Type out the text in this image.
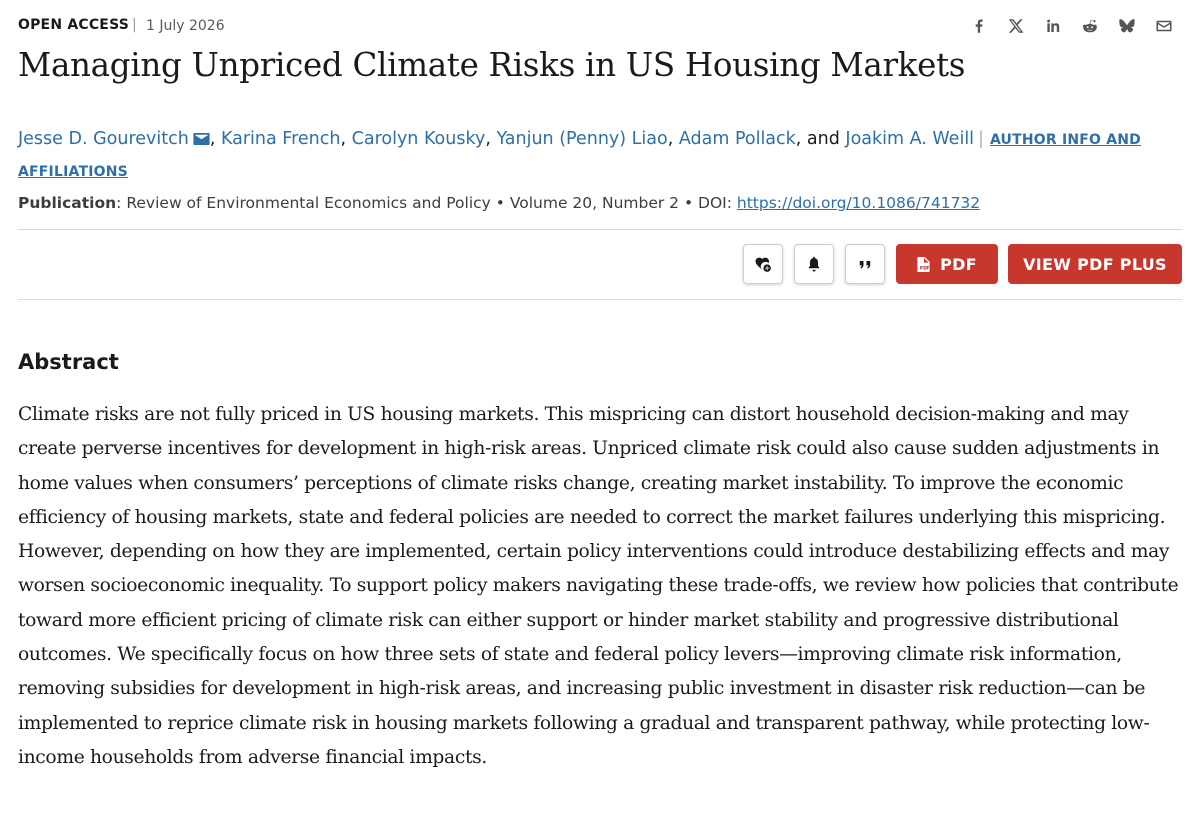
OPEN ACCESS | 1 July 2026
Managing Unpriced Climate Risks in US Housing Markets
Jesse D. Gourevitch , Karina French, Carolyn Kousky, Yanjun (Penny) Liao, Adam Pollack, and Joakim A. Weill | AUTHOR INFO AND AFFILIATIONS
Publication: Review of Environmental Economics and Policy • Volume 20, Number 2 • DOI: https://doi.org/10.1086/741732
PDF	VIEW PDF PLUS
Abstract

Climate risks are not fully priced in US housing markets. This mispricing can distort household decision-making and may create perverse incentives for development in high-risk areas. Unpriced climate risk could also cause sudden adjustments in home values when consumers’ perceptions of climate risks change, creating market instability. To improve the economic efficiency of housing markets, state and federal policies are needed to correct the market failures underlying this mispricing. However, depending on how they are implemented, certain policy interventions could introduce destabilizing effects and may worsen socioeconomic inequality. To support policy makers navigating these trade-offs, we review how policies that contribute toward more efficient pricing of climate risk can either support or hinder market stability and progressive distributional outcomes. We specifically focus on how three sets of state and federal policy levers—improving climate risk information, removing subsidies for development in high-risk areas, and increasing public investment in disaster risk reduction—can be implemented to reprice climate risk in housing markets following a gradual and transparent pathway, while protecting low-income households from adverse financial impacts.
